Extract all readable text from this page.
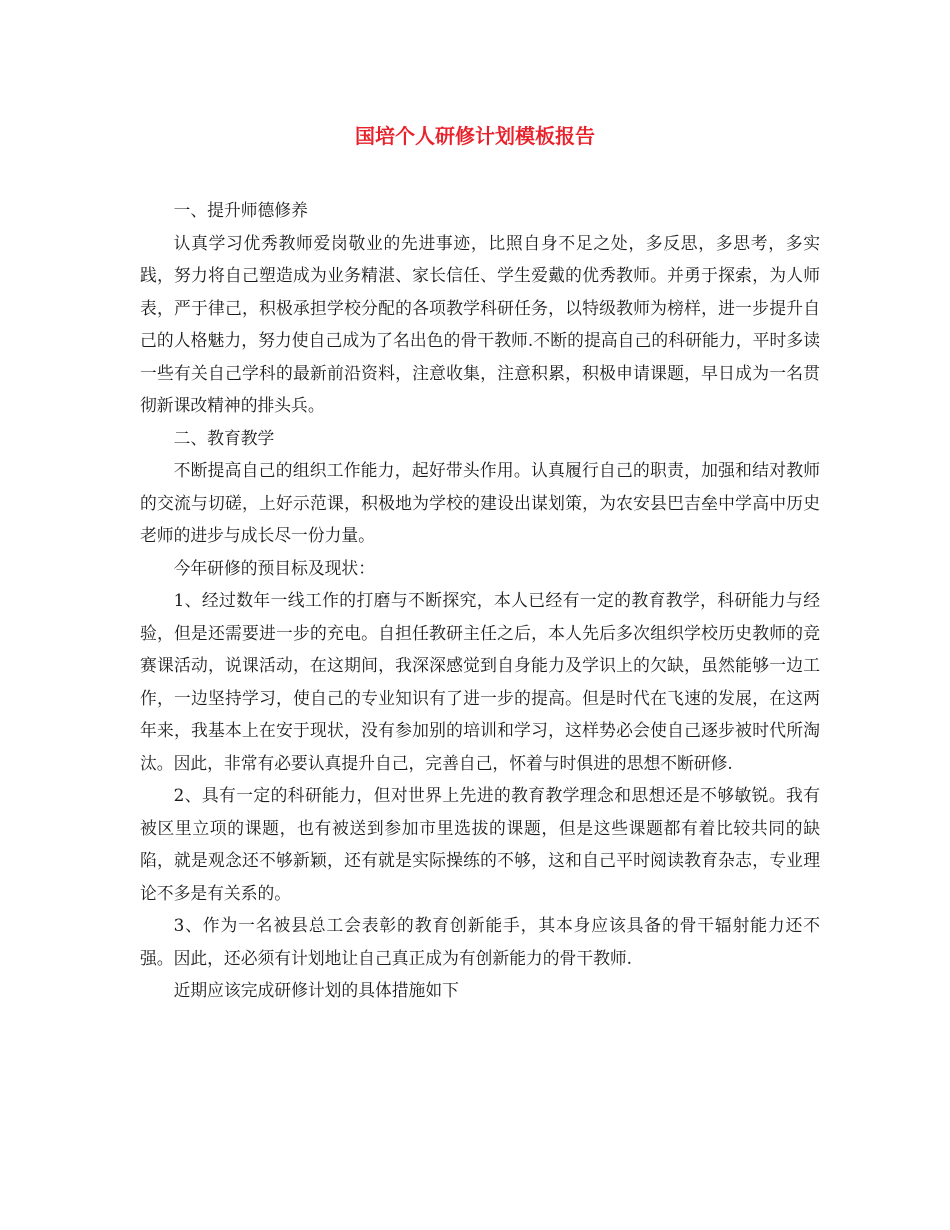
国培个人研修计划模板报告

一、提升师德修养

认真学习优秀教师爱岗敬业的先进事迹，比照自身不足之处，多反思，多思考，多实践，努力将自己塑造成为业务精湛、家长信任、学生爱戴的优秀教师。并勇于探索，为人师表，严于律己，积极承担学校分配的各项教学科研任务，以特级教师为榜样，进一步提升自己的人格魅力，努力使自己成为了名出色的骨干教师.不断的提高自己的科研能力，平时多读一些有关自己学科的最新前沿资料，注意收集，注意积累，积极申请课题，早日成为一名贯彻新课改精神的排头兵。

二、教育教学

不断提高自己的组织工作能力，起好带头作用。认真履行自己的职责，加强和结对教师的交流与切磋，上好示范课，积极地为学校的建设出谋划策，为农安县巴吉垒中学高中历史老师的进步与成长尽一份力量。

今年研修的预目标及现状：

1、经过数年一线工作的打磨与不断探究，本人已经有一定的教育教学，科研能力与经验，但是还需要进一步的充电。自担任教研主任之后，本人先后多次组织学校历史教师的竞赛课活动，说课活动，在这期间，我深深感觉到自身能力及学识上的欠缺，虽然能够一边工作，一边坚持学习，使自己的专业知识有了进一步的提高。但是时代在飞速的发展，在这两年来，我基本上在安于现状，没有参加别的培训和学习，这样势必会使自己逐步被时代所淘汰。因此，非常有必要认真提升自己，完善自己，怀着与时俱进的思想不断研修.

2、具有一定的科研能力，但对世界上先进的教育教学理念和思想还是不够敏锐。我有被区里立项的课题，也有被送到参加市里选拔的课题，但是这些课题都有着比较共同的缺陷，就是观念还不够新颖，还有就是实际操练的不够，这和自己平时阅读教育杂志，专业理论不多是有关系的。

3、作为一名被县总工会表彰的教育创新能手，其本身应该具备的骨干辐射能力还不强。因此，还必须有计划地让自己真正成为有创新能力的骨干教师.

近期应该完成研修计划的具体措施如下
